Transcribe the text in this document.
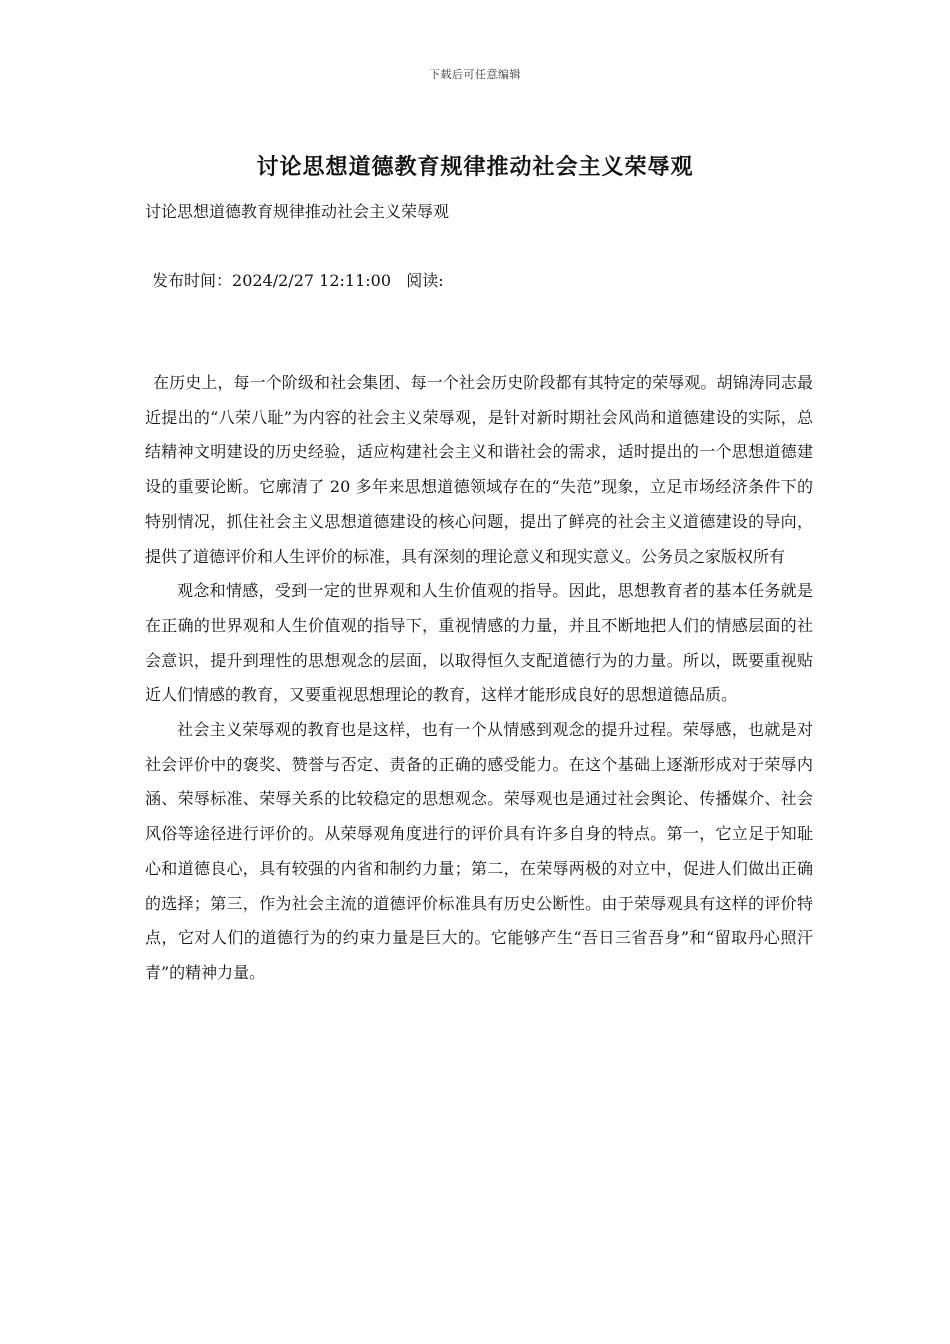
下载后可任意编辑
讨论思想道德教育规律推动社会主义荣辱观
讨论思想道德教育规律推动社会主义荣辱观
发布时间：2024/2/27 12:11:00 阅读:

在历史上，每一个阶级和社会集团、每一个社会历史阶段都有其特定的荣辱观。胡锦涛同志最近提出的“八荣八耻”为内容的社会主义荣辱观，是针对新时期社会风尚和道德建设的实际，总结精神文明建设的历史经验，适应构建社会主义和谐社会的需求，适时提出的一个思想道德建设的重要论断。它廓清了 20 多年来思想道德领域存在的“失范”现象，立足市场经济条件下的特别情况，抓住社会主义思想道德建设的核心问题，提出了鲜亮的社会主义道德建设的导向，提供了道德评价和人生评价的标准，具有深刻的理论意义和现实意义。公务员之家版权所有

观念和情感，受到一定的世界观和人生价值观的指导。因此，思想教育者的基本任务就是在正确的世界观和人生价值观的指导下，重视情感的力量，并且不断地把人们的情感层面的社会意识，提升到理性的思想观念的层面，以取得恒久支配道德行为的力量。所以，既要重视贴近人们情感的教育，又要重视思想理论的教育，这样才能形成良好的思想道德品质。

社会主义荣辱观的教育也是这样，也有一个从情感到观念的提升过程。荣辱感，也就是对社会评价中的褒奖、赞誉与否定、责备的正确的感受能力。在这个基础上逐渐形成对于荣辱内涵、荣辱标准、荣辱关系的比较稳定的思想观念。荣辱观也是通过社会舆论、传播媒介、社会风俗等途径进行评价的。从荣辱观角度进行的评价具有许多自身的特点。第一，它立足于知耻心和道德良心，具有较强的内省和制约力量；第二，在荣辱两极的对立中，促进人们做出正确的选择；第三，作为社会主流的道德评价标准具有历史公断性。由于荣辱观具有这样的评价特点，它对人们的道德行为的约束力量是巨大的。它能够产生“吾日三省吾身”和“留取丹心照汗青”的精神力量。
